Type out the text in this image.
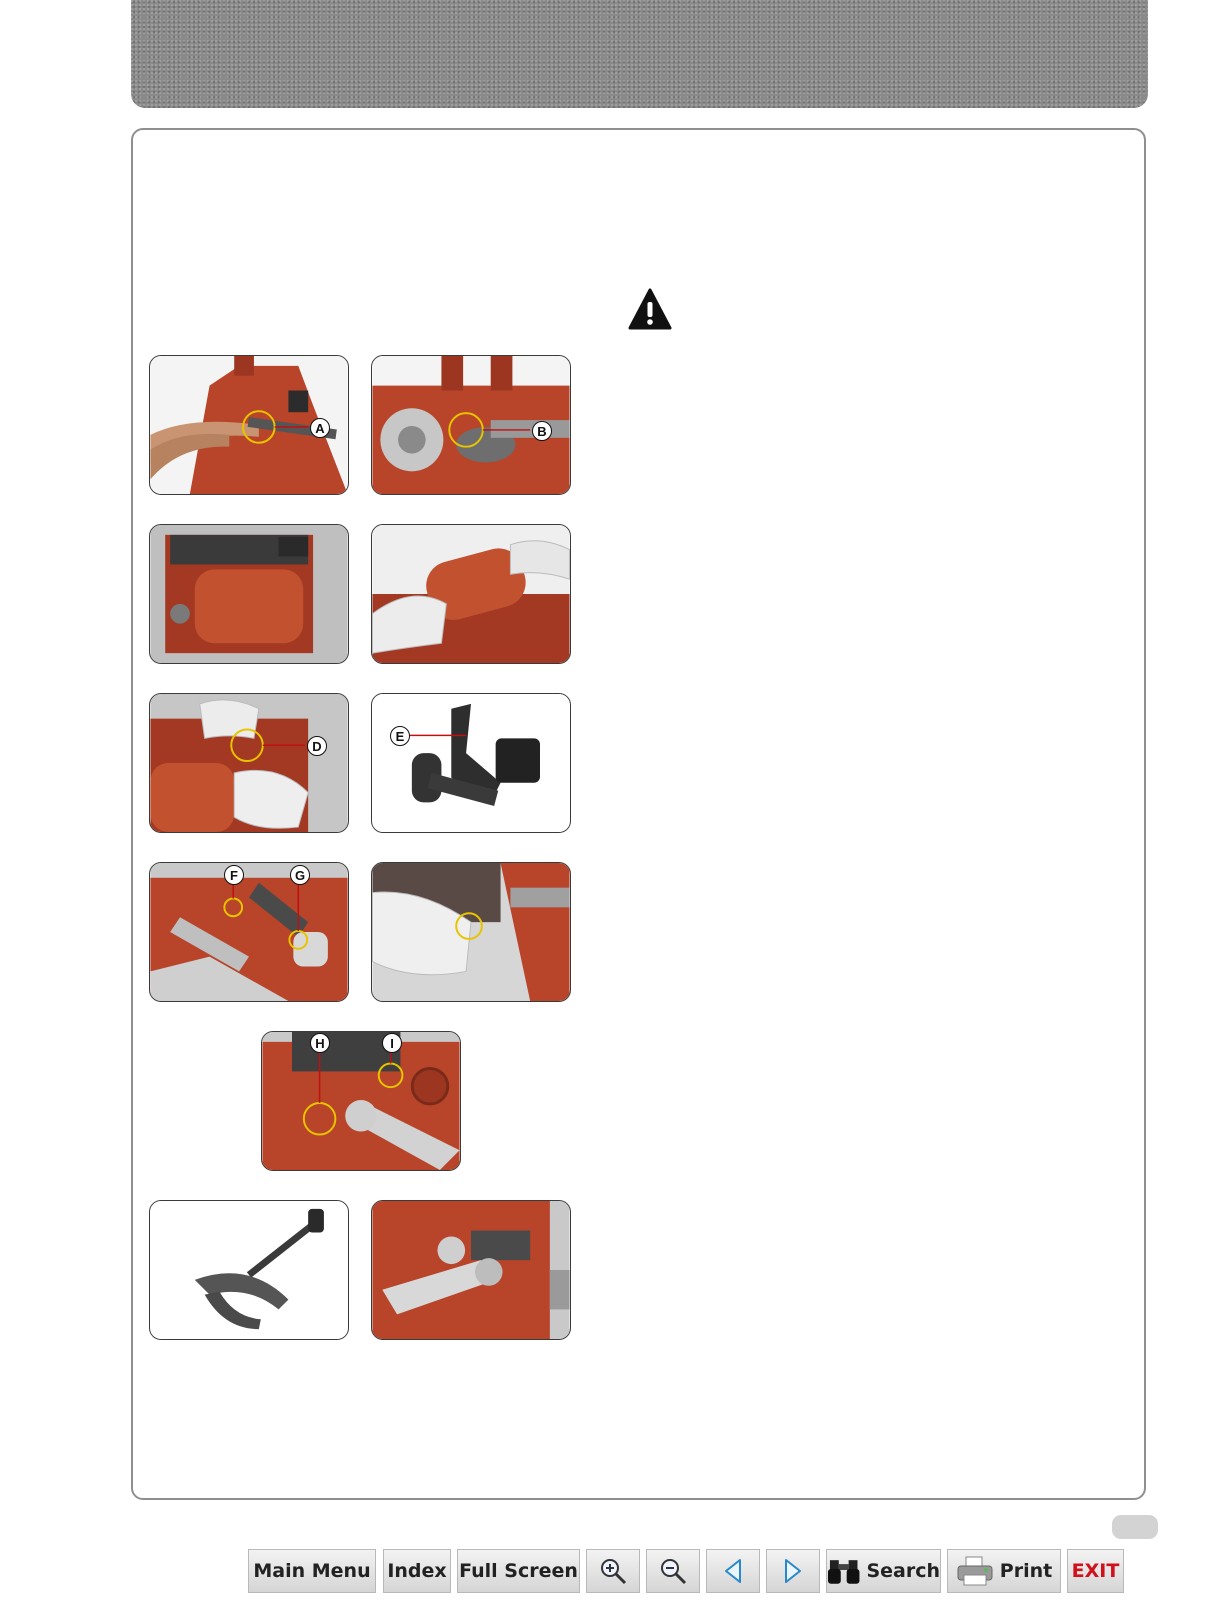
A	B
D
E
F	G
H	I
Main Menu Index Full Screen	Search	Print EXIT
